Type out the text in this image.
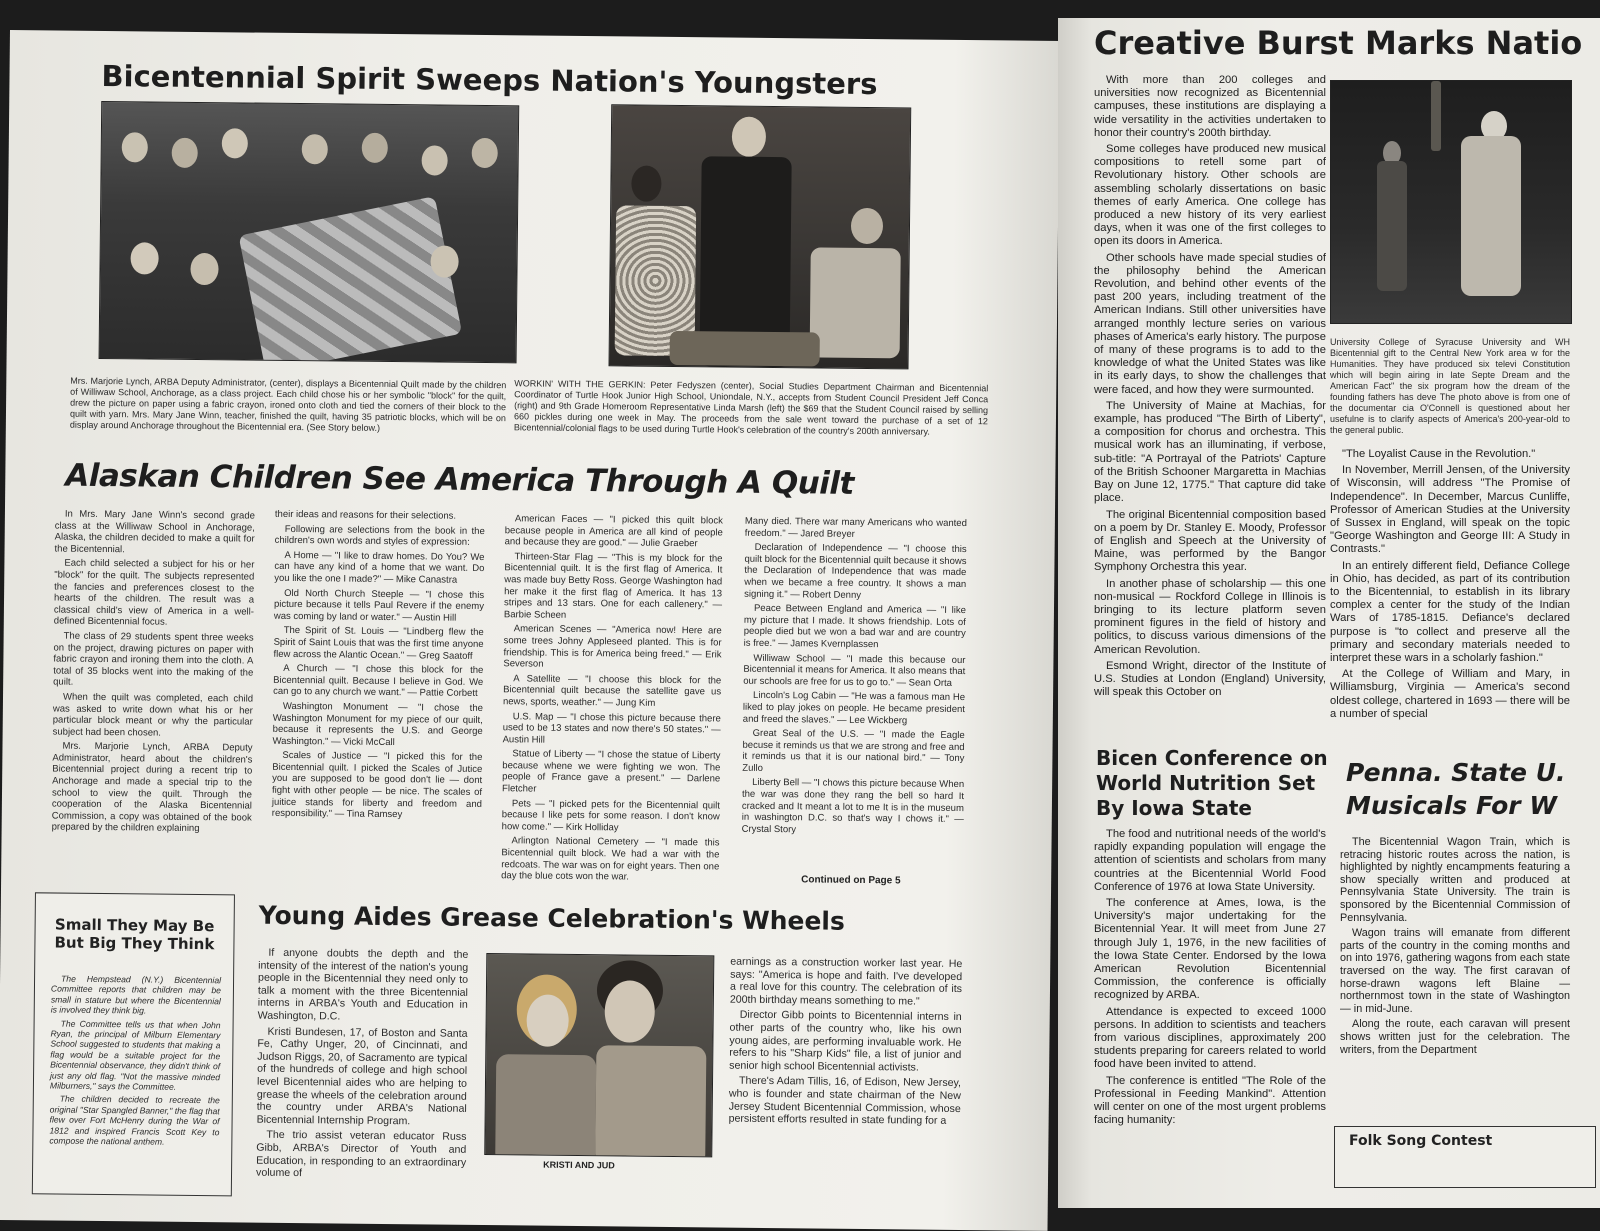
Bicentennial Spirit Sweeps Nation's Youngsters

Mrs. Marjorie Lynch, ARBA Deputy Administrator, (center), displays a Bicentennial Quilt made by the children of Williwaw School, Anchorage, as a class project. Each child chose his or her symbolic "block" for the quilt, drew the picture on paper using a fabric crayon, ironed onto cloth and tied the corners of their block to the quilt with yarn. Mrs. Mary Jane Winn, teacher, finished the quilt, having 35 patriotic blocks, which will be on display around Anchorage throughout the Bicentennial era. (See Story below.)

WORKIN' WITH THE GERKIN: Peter Fedyszen (center), Social Studies Department Chairman and Bicentennial Coordinator of Turtle Hook Junior High School, Uniondale, N.Y., accepts from Student Council President Jeff Conca (right) and 9th Grade Homeroom Representative Linda Marsh (left) the $69 that the Student Council raised by selling 660 pickles during one week in May. The proceeds from the sale went toward the purchase of a set of 12 Bicentennial/colonial flags to be used during Turtle Hook's celebration of the country's 200th anniversary.

Alaskan Children See America Through A Quilt

In Mrs. Mary Jane Winn's second grade class at the Williwaw School in Anchorage, Alaska, the children decided to make a quilt for the Bicentennial.

Each child selected a subject for his or her "block" for the quilt. The subjects represented the fancies and preferences closest to the hearts of the children. The result was a classical child's view of America in a well-defined Bicentennial focus.

The class of 29 students spent three weeks on the project, drawing pictures on paper with fabric crayon and ironing them into the cloth. A total of 35 blocks went into the making of the quilt.

When the quilt was completed, each child was asked to write down what his or her particular block meant or why the particular subject had been chosen.

Mrs. Marjorie Lynch, ARBA Deputy Administrator, heard about the children's Bicentennial project during a recent trip to Anchorage and made a special trip to the school to view the quilt. Through the cooperation of the Alaska Bicentennial Commission, a copy was obtained of the book prepared by the children explaining

their ideas and reasons for their selections.

Following are selections from the book in the children's own words and styles of expression:

A Home — "I like to draw homes. Do You? We can have any kind of a home that we want. Do you like the one I made?" — Mike Canastra

Old North Church Steeple — "I chose this picture because it tells Paul Revere if the enemy was coming by land or water." — Austin Hill

The Spirit of St. Louis — "Lindberg flew the Spirit of Saint Louis that was the first time anyone flew across the Alantic Ocean." — Greg Saatoff

A Church — "I chose this block for the Bicentennial quilt. Because I believe in God. We can go to any church we want." — Pattie Corbett

Washington Monument — "I chose the Washington Monument for my piece of our quilt, because it represents the U.S. and George Washington." — Vicki McCall

Scales of Justice — "I picked this for the Bicentennial quilt. I picked the Scales of Jutice you are supposed to be good don't lie — dont fight with other people — be nice. The scales of juitice stands for liberty and freedom and responsibility." — Tina Ramsey

American Faces — "I picked this quilt block because people in America are all kind of people and because they are good." — Julie Graeber

Thirteen-Star Flag — "This is my block for the Bicentennial quilt. It is the first flag of America. It was made buy Betty Ross. George Washington had her make it the first flag of America. It has 13 stripes and 13 stars. One for each callenery." — Barbie Scheen

American Scenes — "America now! Here are some trees Johny Appleseed planted. This is for friendship. This is for America being freed." — Erik Severson

A Satellite — "I choose this block for the Bicentennial quilt because the satellite gave us news, sports, weather." — Jung Kim

U.S. Map — "I chose this picture because there used to be 13 states and now there's 50 states." — Austin Hill

Statue of Liberty — "I chose the statue of Liberty because whene we were fighting we won. The people of France gave a present." — Darlene Fletcher

Pets — "I picked pets for the Bicentennial quilt because I like pets for some reason. I don't know how come." — Kirk Holliday

Arlington National Cemetery — "I made this Bicentennial quilt block. We had a war with the redcoats. The war was on for eight years. Then one day the blue cots won the war.

Many died. There war many Americans who wanted freedom." — Jared Breyer

Declaration of Independence — "I choose this quilt block for the Bicentennial quilt because it shows the Declaration of Independence that was made when we became a free country. It shows a man signing it." — Robert Denny

Peace Between England and America — "I like my picture that I made. It shows friendship. Lots of people died but we won a bad war and are country is free." — James Kvernplassen

Williwaw School — "I made this because our Bicentennial it means for America. It also means that our schools are free for us to go to." — Sean Orta

Lincoln's Log Cabin — "He was a famous man He liked to play jokes on people. He became president and freed the slaves." — Lee Wickberg

Great Seal of the U.S. — "I made the Eagle becuse it reminds us that we are strong and free and it reminds us that it is our national bird." — Tony Zullo

Liberty Bell — "I chows this picture because When the war was done they rang the bell so hard It cracked and It meant a lot to me It is in the museum in washington D.C. so that's way I chows it." — Crystal Story

Continued on Page 5
Small They May Be But Big They Think

The Hempstead (N.Y.) Bicentennial Committee reports that children may be small in stature but where the Bicentennial is involved they think big.

The Committee tells us that when John Ryan, the principal of Milburn Elementary School suggested to students that making a flag would be a suitable project for the Bicentennial observance, they didn't think of just any old flag. "Not the massive minded Milburners," says the Committee.

The children decided to recreate the original "Star Spangled Banner," the flag that flew over Fort McHenry during the War of 1812 and inspired Francis Scott Key to compose the national anthem.

Young Aides Grease Celebration's Wheels

If anyone doubts the depth and the intensity of the interest of the nation's young people in the Bicentennial they need only to talk a moment with the three Bicentennial interns in ARBA's Youth and Education in Washington, D.C.

Kristi Bundesen, 17, of Boston and Santa Fe, Cathy Unger, 20, of Cincinnati, and Judson Riggs, 20, of Sacramento are typical of the hundreds of college and high school level Bicentennial aides who are helping to grease the wheels of the celebration around the country under ARBA's National Bicentennial Internship Program.

The trio assist veteran educator Russ Gibb, ARBA's Director of Youth and Education, in responding to an extraordinary volume of

KRISTI AND JUD

earnings as a construction worker last year. He says: "America is hope and faith. I've developed a real love for this country. The celebration of its 200th birthday means something to me."

Director Gibb points to Bicentennial interns in other parts of the country who, like his own young aides, are performing invaluable work. He refers to his "Sharp Kids" file, a list of junior and senior high school Bicentennial activists.

There's Adam Tillis, 16, of Edison, New Jersey, who is founder and state chairman of the New Jersey Student Bicentennial Commission, whose persistent efforts resulted in state funding for a

Creative Burst Marks Natio

With more than 200 colleges and universities now recognized as Bicentennial campuses, these institutions are displaying a wide versatility in the activities undertaken to honor their country's 200th birthday.

Some colleges have produced new musical compositions to retell some part of Revolutionary history. Other schools are assembling scholarly dissertations on basic themes of early America. One college has produced a new history of its very earliest days, when it was one of the first colleges to open its doors in America.

Other schools have made special studies of the philosophy behind the American Revolution, and behind other events of the past 200 years, including treatment of the American Indians. Still other universities have arranged monthly lecture series on various phases of America's early history. The purpose of many of these programs is to add to the knowledge of what the United States was like in its early days, to show the challenges that were faced, and how they were surmounted.

The University of Maine at Machias, for example, has produced "The Birth of Liberty", a composition for chorus and orchestra. This musical work has an illuminating, if verbose, sub-title: "A Portrayal of the Patriots' Capture of the British Schooner Margaretta in Machias Bay on June 12, 1775." That capture did take place.

The original Bicentennial composition based on a poem by Dr. Stanley E. Moody, Professor of English and Speech at the University of Maine, was performed by the Bangor Symphony Orchestra this year.

In another phase of scholarship — this one non-musical — Rockford College in Illinois is bringing to its lecture platform seven prominent figures in the field of history and politics, to discuss various dimensions of the American Revolution.

Esmond Wright, director of the Institute of U.S. Studies at London (England) University, will speak this October on

University College of Syracuse University and WH Bicentennial gift to the Central New York area w for the Humanities. They have produced six televi Constitution which will begin airing in late Septe Dream and the American Fact" the six program how the dream of the founding fathers has deve The photo above is from one of the documentar cia O'Connell is questioned about her usefulne is to clarify aspects of America's 200-year-old to the general public.

"The Loyalist Cause in the Revolution."

In November, Merrill Jensen, of the University of Wisconsin, will address "The Promise of Independence". In December, Marcus Cunliffe, Professor of American Studies at the University of Sussex in England, will speak on the topic "George Washington and George III: A Study in Contrasts."

In an entirely different field, Defiance College in Ohio, has decided, as part of its contribution to the Bicentennial, to establish in its library complex a center for the study of the Indian Wars of 1785-1815. Defiance's declared purpose is "to collect and preserve all the primary and secondary materials needed to interpret these wars in a scholarly fashion."

At the College of William and Mary, in Williamsburg, Virginia — America's second oldest college, chartered in 1693 — there will be a number of special

Bicen Conference on World Nutrition Set By Iowa State

The food and nutritional needs of the world's rapidly expanding population will engage the attention of scientists and scholars from many countries at the Bicentennial World Food Conference of 1976 at Iowa State University.

The conference at Ames, Iowa, is the University's major undertaking for the Bicentennial Year. It will meet from June 27 through July 1, 1976, in the new facilities of the Iowa State Center. Endorsed by the Iowa American Revolution Bicentennial Commission, the conference is officially recognized by ARBA.

Attendance is expected to exceed 1000 persons. In addition to scientists and teachers from various disciplines, approximately 200 students preparing for careers related to world food have been invited to attend.

The conference is entitled "The Role of the Professional in Feeding Mankind". Attention will center on one of the most urgent problems facing humanity:

Penna. State U. Musicals For W

The Bicentennial Wagon Train, which is retracing historic routes across the nation, is highlighted by nightly encampments featuring a show specially written and produced at Pennsylvania State University. The train is sponsored by the Bicentennial Commission of Pennsylvania.

Wagon trains will emanate from different parts of the country in the coming months and on into 1976, gathering wagons from each state traversed on the way. The first caravan of horse-drawn wagons left Blaine — northernmost town in the state of Washington — in mid-June.

Along the route, each caravan will present shows written just for the celebration. The writers, from the Department

Folk Song Contest
